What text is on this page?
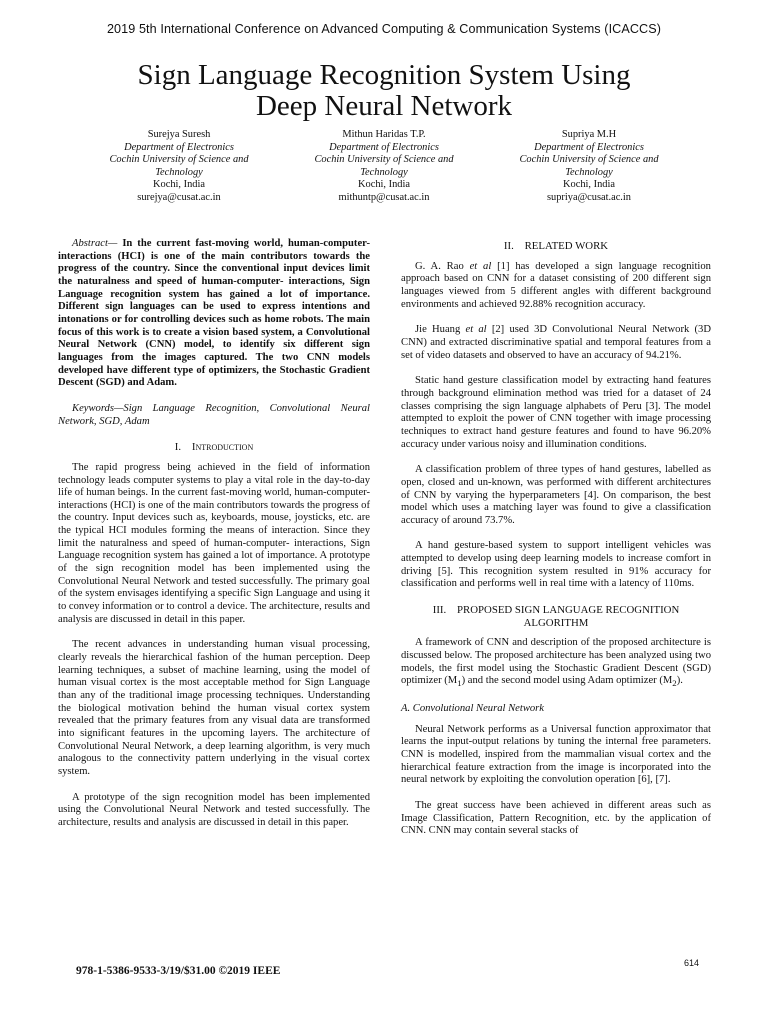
2019 5th International Conference on Advanced Computing & Communication Systems (ICACCS)
Sign Language Recognition System Using
Deep Neural Network
Surejya Suresh
Department of Electronics
Cochin University of Science and
Technology
Kochi, India
surejya@cusat.ac.in
Mithun Haridas T.P.
Department of Electronics
Cochin University of Science and
Technology
Kochi, India
mithuntp@cusat.ac.in
Supriya M.H
Department of Electronics
Cochin University of Science and
Technology
Kochi, India
supriya@cusat.ac.in

Abstract— In the current fast-moving world, human-computer- interactions (HCI) is one of the main contributors towards the progress of the country. Since the conventional input devices limit the naturalness and speed of human-computer- interactions, Sign Language recognition system has gained a lot of importance. Different sign languages can be used to express intentions and intonations or for controlling devices such as home robots. The main focus of this work is to create a vision based system, a Convolutional Neural Network (CNN) model, to identify six different sign languages from the images captured. The two CNN models developed have different type of optimizers, the Stochastic Gradient Descent (SGD) and Adam.

Keywords—Sign Language Recognition, Convolutional Neural Network, SGD, Adam

I. Introduction

The rapid progress being achieved in the field of information technology leads computer systems to play a vital role in the day-to-day life of human beings. In the current fast-moving world, human-computer- interactions (HCI) is one of the main contributors towards the progress of the country. Input devices such as, keyboards, mouse, joysticks, etc. are the typical HCI modules forming the means of interaction. Since they limit the naturalness and speed of human-computer- interactions, Sign Language recognition system has gained a lot of importance. A prototype of the sign recognition model has been implemented using the Convolutional Neural Network and tested successfully. The primary goal of the system envisages identifying a specific Sign Language and using it to convey information or to control a device. The architecture, results and analysis are discussed in detail in this paper.

The recent advances in understanding human visual processing, clearly reveals the hierarchical fashion of the human perception. Deep learning techniques, a subset of machine learning, using the model of human visual cortex is the most acceptable method for Sign Language than any of the traditional image processing techniques. Understanding the biological motivation behind the human visual cortex system revealed that the primary features from any visual data are transformed into significant features in the upcoming layers. The architecture of Convolutional Neural Network, a deep learning algorithm, is very much analogous to the connectivity pattern underlying in the visual cortex system.

A prototype of the sign recognition model has been implemented using the Convolutional Neural Network and tested successfully. The architecture, results and analysis are discussed in detail in this paper.

II. RELATED WORK

G. A. Rao et al [1] has developed a sign language recognition approach based on CNN for a dataset consisting of 200 different sign languages viewed from 5 different angles with different background environments and achieved 92.88% recognition accuracy.

Jie Huang et al [2] used 3D Convolutional Neural Network (3D CNN) and extracted discriminative spatial and temporal features from a set of video datasets and observed to have an accuracy of 94.21%.

Static hand gesture classification model by extracting hand features through background elimination method was tried for a dataset of 24 classes comprising the sign language alphabets of Peru [3]. The model attempted to exploit the power of CNN together with image processing techniques to extract hand gesture features and found to have 96.20% accuracy under various noisy and illumination conditions.

A classification problem of three types of hand gestures, labelled as open, closed and un-known, was performed with different architectures of CNN by varying the hyperparameters [4]. On comparison, the best model which uses a matching layer was found to give a classification accuracy of around 73.7%.

A hand gesture-based system to support intelligent vehicles was attempted to develop using deep learning models to increase comfort in driving [5]. This recognition system resulted in 91% accuracy for classification and performs well in real time with a latency of 110ms.

III. PROPOSED SIGN LANGUAGE RECOGNITION ALGORITHM

A framework of CNN and description of the proposed architecture is discussed below. The proposed architecture has been analyzed using two models, the first model using the Stochastic Gradient Descent (SGD) optimizer $(M_1)$ and the second model using Adam optimizer $(M_2)$.

A. Convolutional Neural Network

Neural Network performs as a Universal function approximator that learns the input-output relations by tuning the internal free parameters. CNN is modelled, inspired from the mammalian visual cortex and the hierarchical feature extraction from the image is incorporated into the neural network by exploiting the convolution operation [6], [7].

The great success have been achieved in different areas such as Image Classification, Pattern Recognition, etc. by the application of CNN. CNN may contain several stacks of

978-1-5386-9533-3/19/$31.00 ©2019 IEEE
614
